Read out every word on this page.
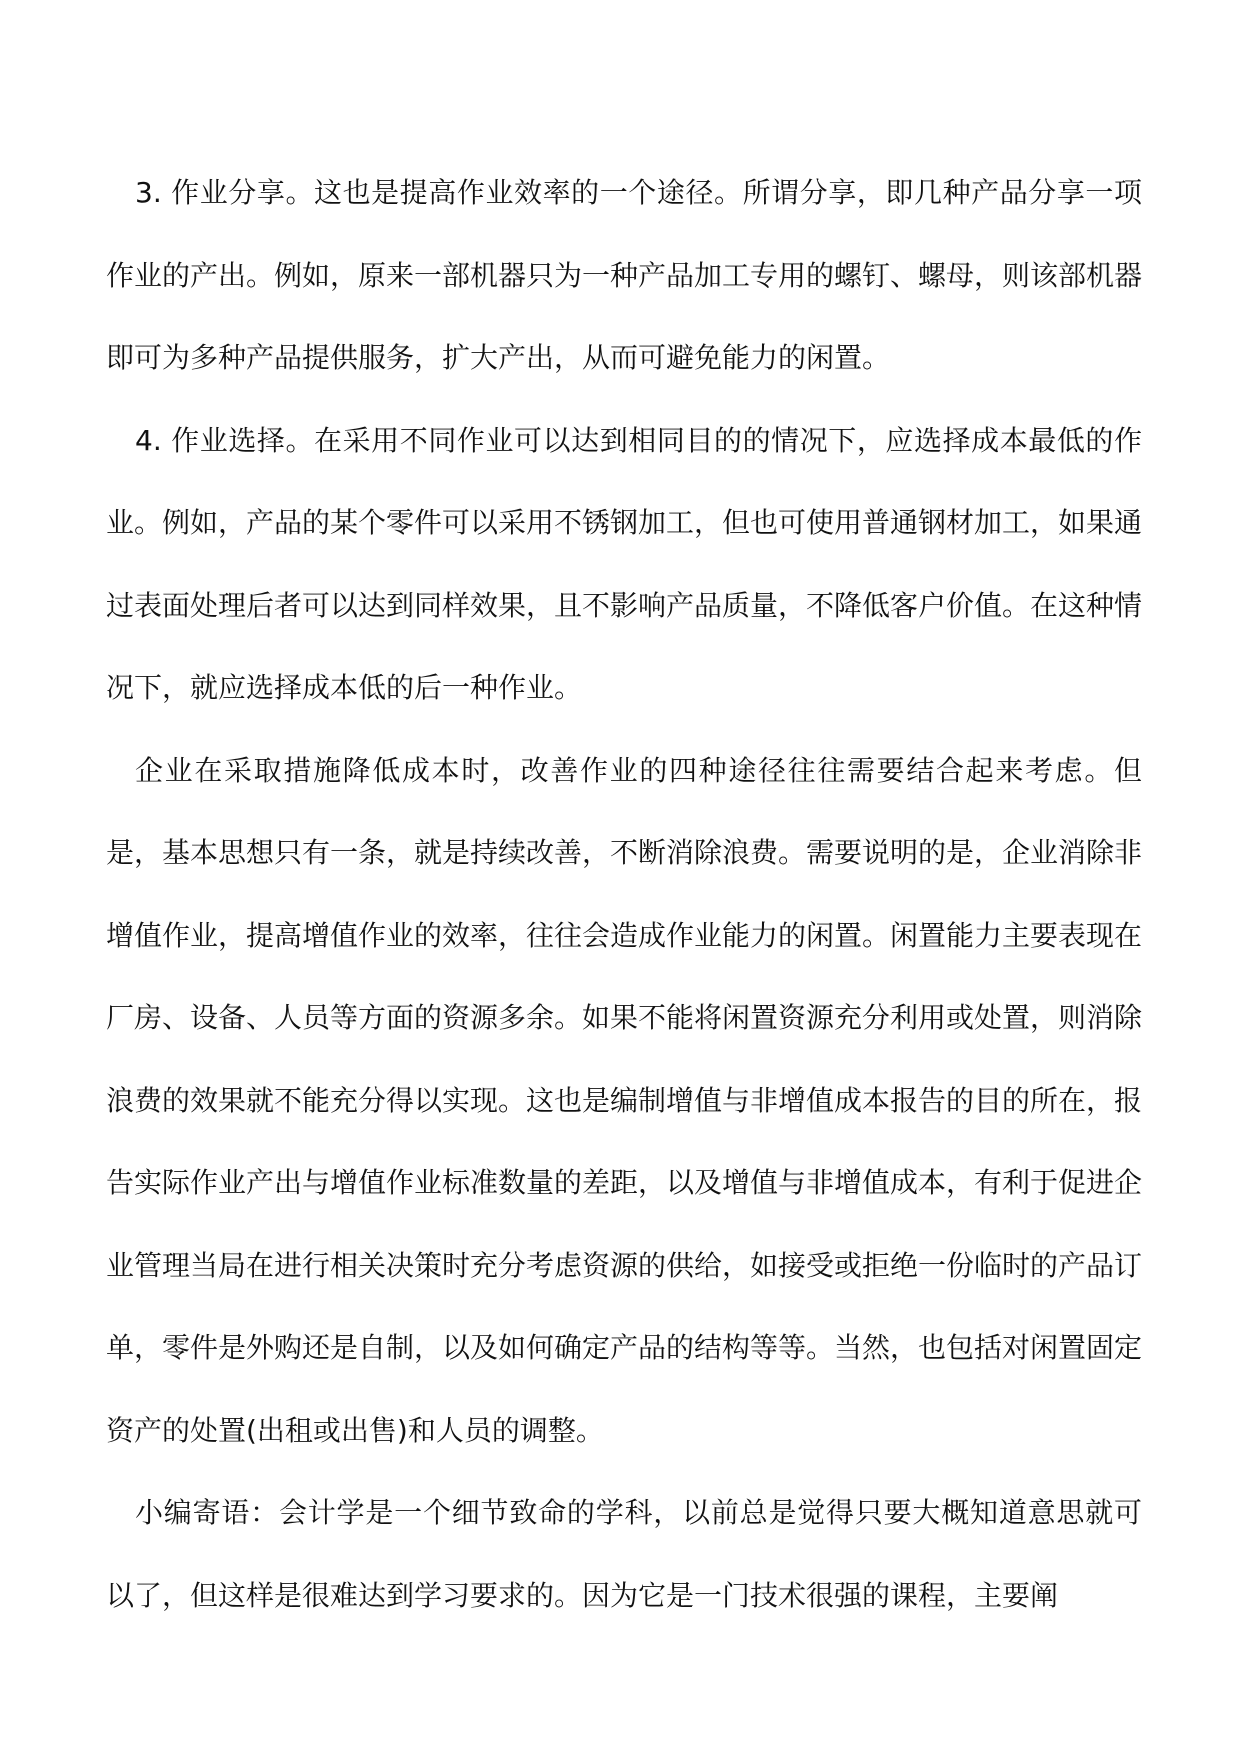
3. 作业分享。这也是提高作业效率的一个途径。所谓分享，即几种产品分享一项作业的产出。例如，原来一部机器只为一种产品加工专用的螺钉、螺母，则该部机器即可为多种产品提供服务，扩大产出，从而可避免能力的闲置。

4. 作业选择。在采用不同作业可以达到相同目的的情况下，应选择成本最低的作业。例如，产品的某个零件可以采用不锈钢加工，但也可使用普通钢材加工，如果通过表面处理后者可以达到同样效果，且不影响产品质量，不降低客户价值。在这种情况下，就应选择成本低的后一种作业。

企业在采取措施降低成本时，改善作业的四种途径往往需要结合起来考虑。但是，基本思想只有一条，就是持续改善，不断消除浪费。需要说明的是，企业消除非增值作业，提高增值作业的效率，往往会造成作业能力的闲置。闲置能力主要表现在厂房、设备、人员等方面的资源多余。如果不能将闲置资源充分利用或处置，则消除浪费的效果就不能充分得以实现。这也是编制增值与非增值成本报告的目的所在，报告实际作业产出与增值作业标准数量的差距，以及增值与非增值成本，有利于促进企业管理当局在进行相关决策时充分考虑资源的供给，如接受或拒绝一份临时的产品订单，零件是外购还是自制，以及如何确定产品的结构等等。当然，也包括对闲置固定资产的处置(出租或出售)和人员的调整。

小编寄语：会计学是一个细节致命的学科，以前总是觉得只要大概知道意思就可以了，但这样是很难达到学习要求的。因为它是一门技术很强的课程，主要阐
